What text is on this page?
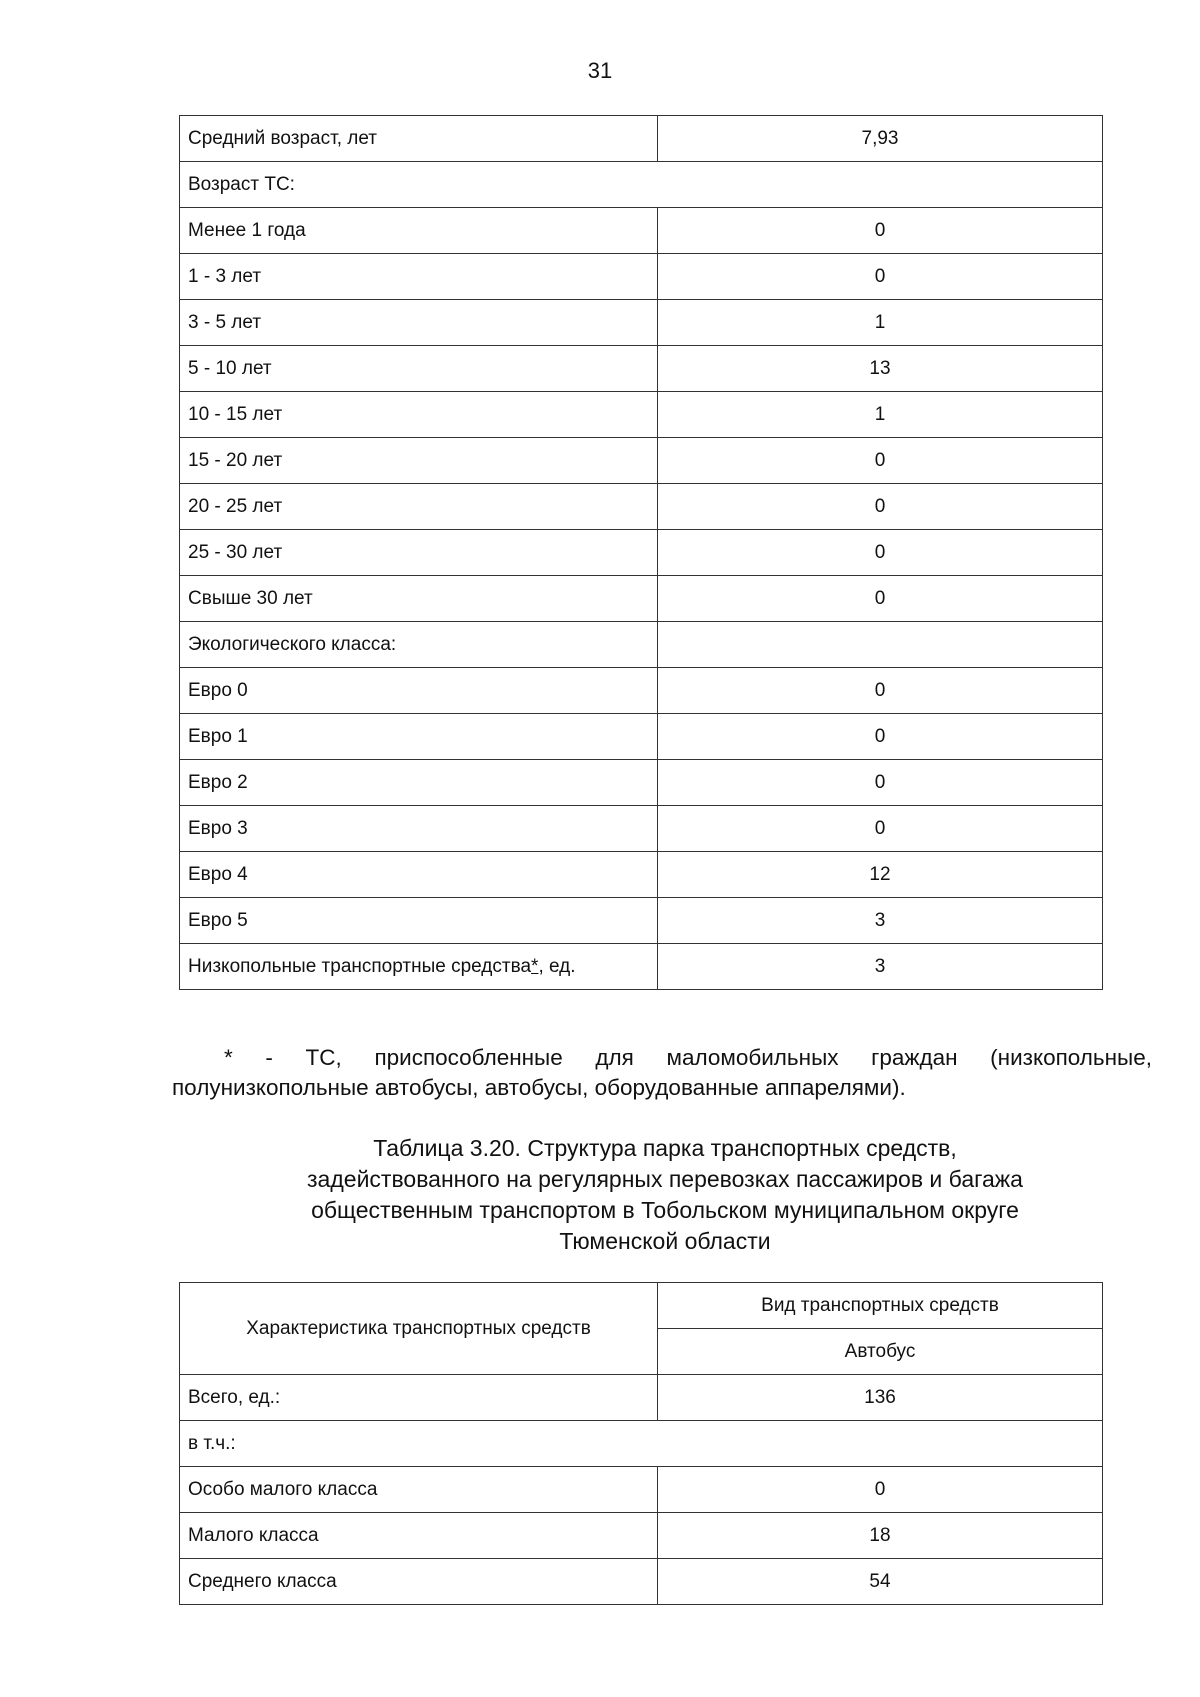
31
Средний возраст, лет	7,93
Возраст ТС:	
Менее 1 года	0
1 - 3 лет	0
3 - 5 лет	1
5 - 10 лет	13
10 - 15 лет	1
15 - 20 лет	0
20 - 25 лет	0
25 - 30 лет	0
Свыше 30 лет	0
Экологического класса:	
Евро 0	0
Евро 1	0
Евро 2	0
Евро 3	0
Евро 4	12
Евро 5	3
Низкопольные транспортные средства*, ед.	3
* - ТС, приспособленные для маломобильных граждан (низкопольные,
полунизкопольные автобусы, автобусы, оборудованные аппарелями).
Таблица 3.20. Структура парка транспортных средств,
задействованного на регулярных перевозках пассажиров и багажа
общественным транспортом в Тобольском муниципальном округе
Тюменской области
Характеристика транспортных средств	Вид транспортных средств
	Автобус
Всего, ед.:	136
в т.ч.:	
Особо малого класса	0
Малого класса	18
Среднего класса	54
